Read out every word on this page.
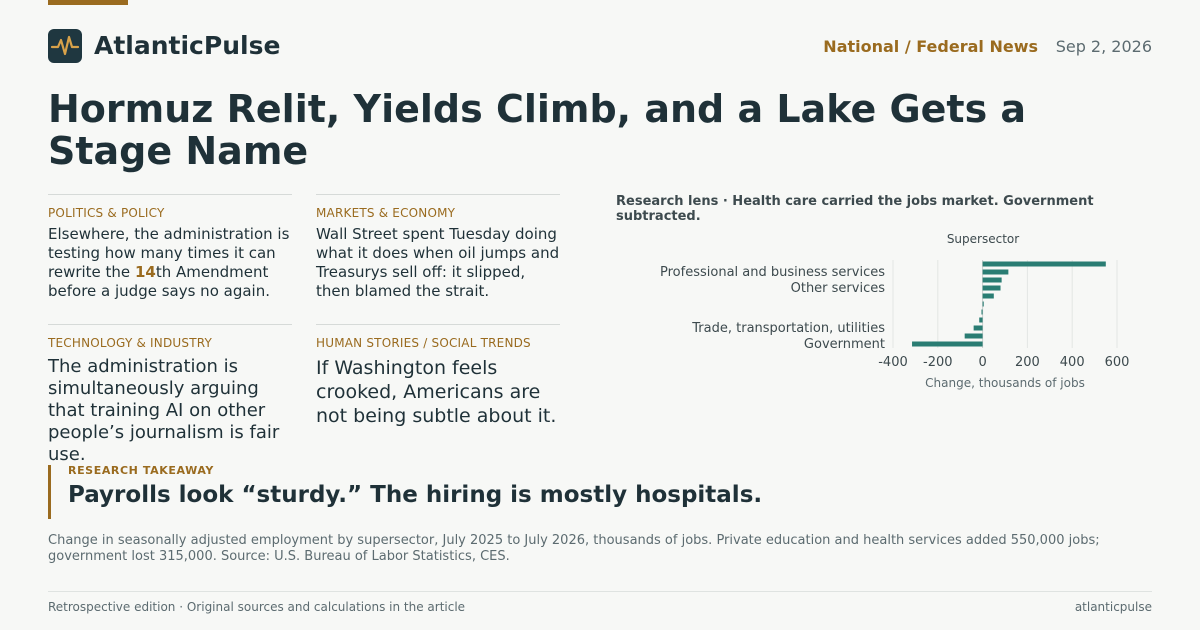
AtlanticPulse	National / Federal News Sep 2, 2026
Hormuz Relit, Yields Climb, and a Lake Gets a Stage Name
POLITICS & POLICY
Elsewhere, the administration is testing how many times it can rewrite the 14th Amendment before a judge says no again.
MARKETS & ECONOMY
Wall Street spent Tuesday doing what it does when oil jumps and Treasurys sell off: it slipped, then blamed the strait.
TECHNOLOGY & INDUSTRY
The administration is simultaneously arguing that training AI on other people’s journalism is fair use.
HUMAN STORIES / SOCIAL TRENDS
If Washington feels crooked, Americans are not being subtle about it.
Research lens · Health care carried the jobs market. Government subtracted.
Professional and business services
Other services
Trade, transportation, utilities
Government
-400 -200 0 200 400 600
Supersector
Change, thousands of jobs
RESEARCH TAKEAWAY
Payrolls look “sturdy.” The hiring is mostly hospitals.
Change in seasonally adjusted employment by supersector, July 2025 to July 2026, thousands of jobs. Private education and health services added 550,000 jobs; government lost 315,000. Source: U.S. Bureau of Labor Statistics, CES.
Retrospective edition · Original sources and calculations in the article	atlanticpulse
